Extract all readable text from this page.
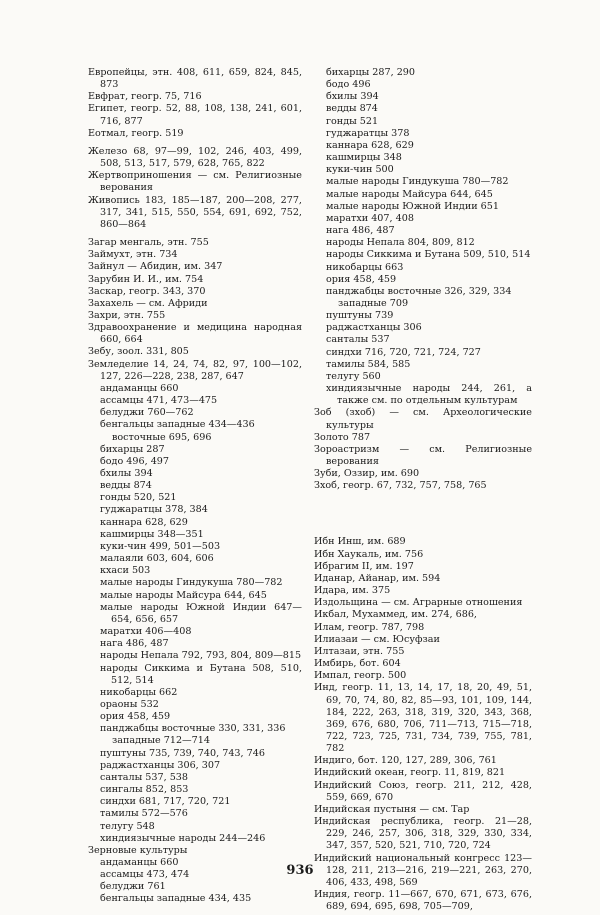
Европейцы, этн. 408, 611, 659, 824, 845, 873
Евфрат, геогр. 75, 716
Египет, геогр. 52, 88, 108, 138, 241, 601, 716, 877
Еотмал, геогр. 519
Железо 68, 97—99, 102, 246, 403, 499, 508, 513, 517, 579, 628, 765, 822
Жертвоприношения — см. Религиозные верования
Живопись 183, 185—187, 200—208, 277, 317, 341, 515, 550, 554, 691, 692, 752, 860—864
Загар менгаль, этн. 755
Займухт, этн. 734
Зайнул — Абидин, им. 347
Зарубин И. И., им. 754
Заскар, геогр. 343, 370
Захахель — см. Африди
Захри, этн. 755
Здравоохранение и медицина народная 660, 664
Зебу, зоол. 331, 805
Земледелие 14, 24, 74, 82, 97, 100—102, 127, 226—228, 238, 287, 647
андаманцы 660
ассамцы 471, 473—475
белуджи 760—762
бенгальцы западные 434—436
восточные 695, 696
бихарцы 287
бодо 496, 497
бхилы 394
ведды 874
гонды 520, 521
гуджаратцы 378, 384
каннара 628, 629
кашмирцы 348—351
куки-чин 499, 501—503
малаяли 603, 604, 606
кхаси 503
малые народы Гиндукуша 780—782
малые народы Майсура 644, 645
малые народы Южной Индии 647—654, 656, 657
маратхи 406—408
нага 486, 487
народы Непала 792, 793, 804, 809—815
народы Сиккима и Бутана 508, 510, 512, 514
никобарцы 662
ораоны 532
ория 458, 459
панджабцы восточные 330, 331, 336
западные 712—714
пуштуны 735, 739, 740, 743, 746
раджастханцы 306, 307
санталы 537, 538
сингалы 852, 853
синдхи 681, 717, 720, 721
тамилы 572—576
телугу 548
хиндиязычные народы 244—246
Зерновые культуры
андаманцы 660
ассамцы 473, 474
белуджи 761
бенгальцы западные 434, 435
бихарцы 287, 290
бодо 496
бхилы 394
ведды 874
гонды 521
гуджаратцы 378
каннара 628, 629
кашмирцы 348
куки-чин 500
малые народы Гиндукуша 780—782
малые народы Майсура 644, 645
малые народы Южной Индии 651
маратхи 407, 408
нага 486, 487
народы Непала 804, 809, 812
народы Сиккима и Бутана 509, 510, 514
никобарцы 663
ория 458, 459
панджабцы восточные 326, 329, 334
западные 709
пуштуны 739
раджастханцы 306
санталы 537
синдхи 716, 720, 721, 724, 727
тамилы 584, 585
телугу 560
хиндиязычные народы 244, 261, а также см. по отдельным культурам
Зоб (зхоб) — см. Археологические культуры
Золото 787
Зороастризм — см. Религиозные верования
Зуби, Оззир, им. 690
Зхоб, геогр. 67, 732, 757, 758, 765
Ибн Инш, им. 689
Ибн Хаукаль, им. 756
Ибрагим II, им. 197
Иданар, Айанар, им. 594
Идара, им. 375
Издольщина — см. Аграрные отношения
Икбал, Мухаммед, им. 274, 686,
Илам, геогр. 787, 798
Илиазаи — см. Юсуфзаи
Илтазаи, этн. 755
Имбирь, бот. 604
Импал, геогр. 500
Инд, геогр. 11, 13, 14, 17, 18, 20, 49, 51, 69, 70, 74, 80, 82, 85—93, 101, 109, 144, 184, 222, 263, 318, 319, 320, 343, 368, 369, 676, 680, 706, 711—713, 715—718, 722, 723, 725, 731, 734, 739, 755, 781, 782
Индиго, бот. 120, 127, 289, 306, 761
Индийский океан, геогр. 11, 819, 821
Индийский Союз, геогр. 211, 212, 428, 559, 669, 670
Индийская пустыня — см. Тар
Индийская республика, геогр. 21—28, 229, 246, 257, 306, 318, 329, 330, 334, 347, 357, 520, 521, 710, 720, 724
Индийский национальный конгресс 123—128, 211, 213—216, 219—221, 263, 270, 406, 433, 498, 569
Индия, геогр. 11—667, 670, 671, 673, 676, 689, 694, 695, 698, 705—709,
936
